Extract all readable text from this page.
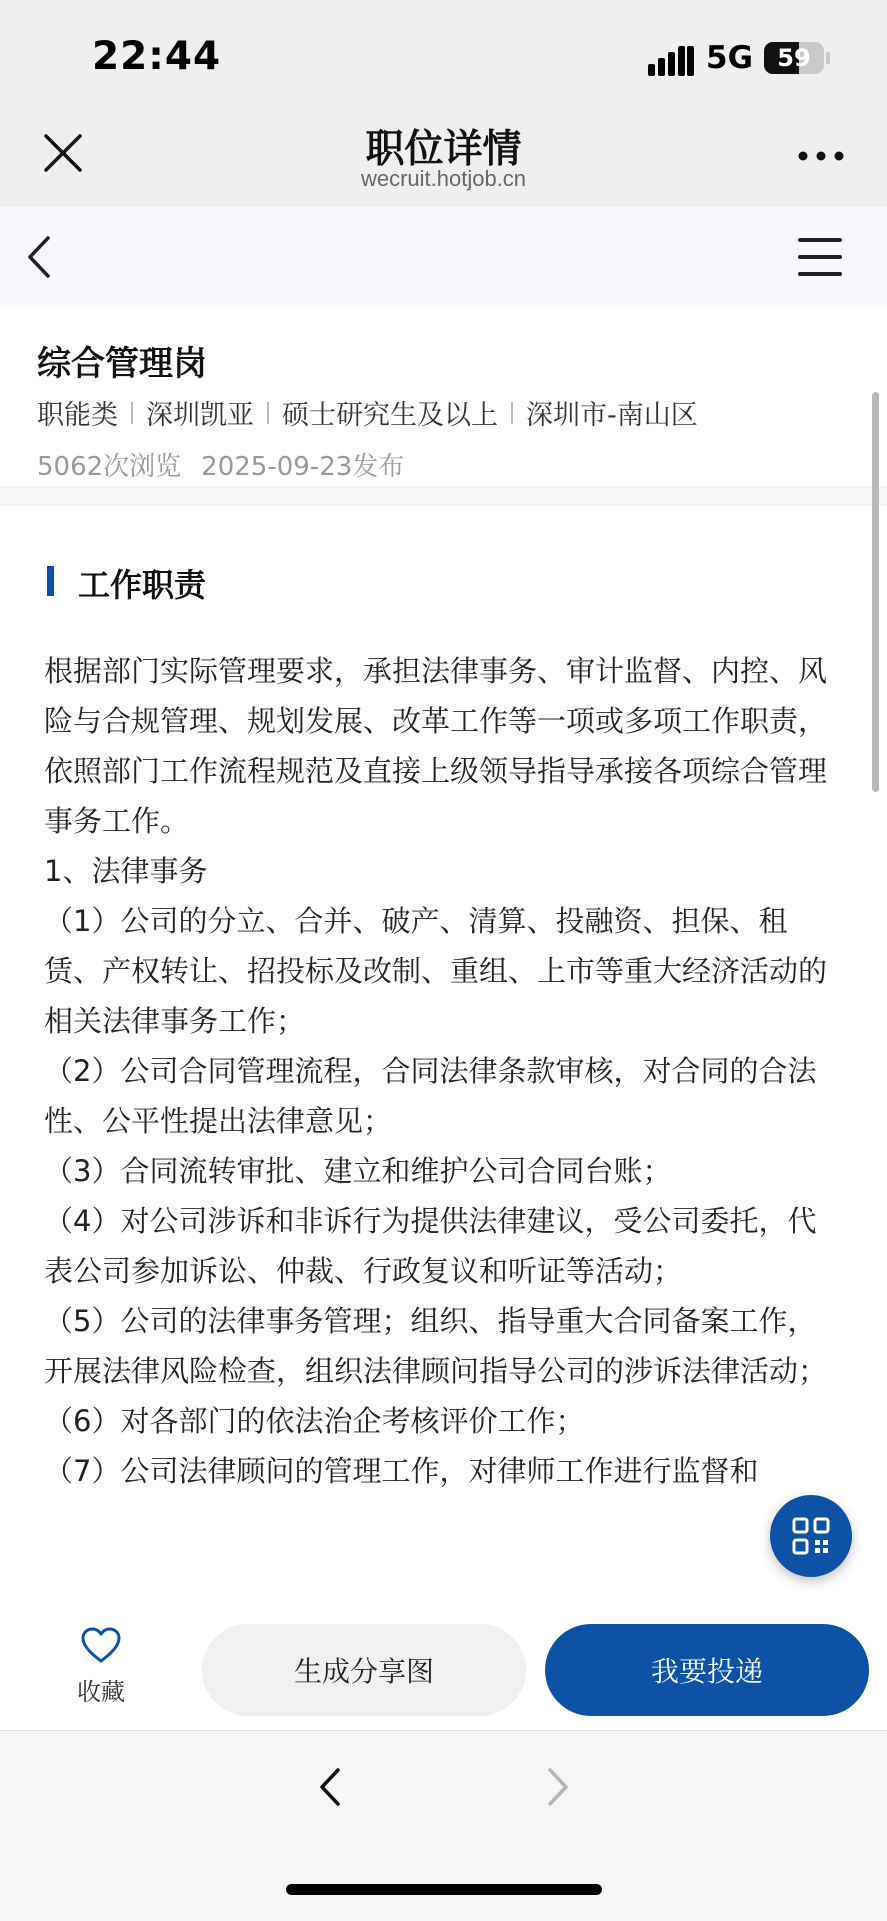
22:44	5G	59
职位详情
wecruit.hotjob.cn
综合管理岗
职能类 深圳凯亚 硕士研究生及以上 深圳市-南山区
5062次浏览 2025-09-23发布
工作职责

根据部门实际管理要求，承担法律事务、审计监督、内控、风险与合规管理、规划发展、改革工作等一项或多项工作职责，依照部门工作流程规范及直接上级领导指导承接各项综合管理事务工作。

1、法律事务

（1）公司的分立、合并、破产、清算、投融资、担保、租赁、产权转让、招投标及改制、重组、上市等重大经济活动的相关法律事务工作；

（2）公司合同管理流程，合同法律条款审核，对合同的合法性、公平性提出法律意见；

（3）合同流转审批、建立和维护公司合同台账；

（4）对公司涉诉和非诉行为提供法律建议，受公司委托，代表公司参加诉讼、仲裁、行政复议和听证等活动；

（5）公司的法律事务管理；组织、指导重大合同备案工作，开展法律风险检查，组织法律顾问指导公司的涉诉法律活动；

（6）对各部门的依法治企考核评价工作；

（7）公司法律顾问的管理工作，对律师工作进行监督和

收藏
生成分享图	我要投递
